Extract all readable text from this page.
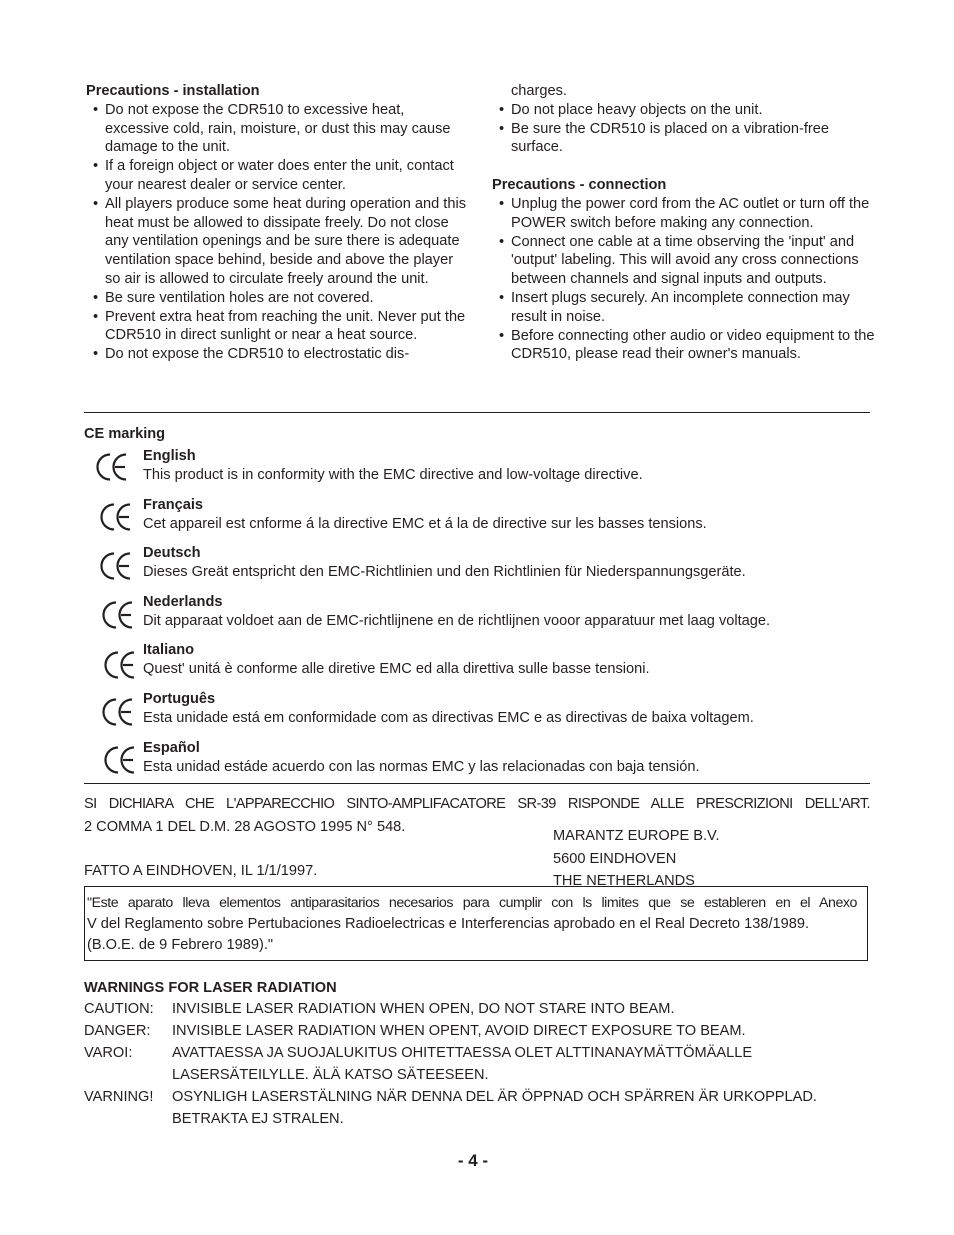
Precautions - installation

• Do not expose the CDR510 to excessive heat, excessive cold, rain, moisture, or dust this may cause damage to the unit.
• If a foreign object or water does enter the unit, contact your nearest dealer or service center.
• All players produce some heat during operation and this heat must be allowed to dissipate freely. Do not close any ventilation openings and be sure there is adequate ventilation space behind, beside and above the player so air is allowed to circulate freely around the unit.
• Be sure ventilation holes are not covered.
• Prevent extra heat from reaching the unit. Never put the CDR510 in direct sunlight or near a heat source.
• Do not expose the CDR510 to electrostatic dis-
charges.
• Do not place heavy objects on the unit.
• Be sure the CDR510 is placed on a vibration-free surface.

Precautions - connection

• Unplug the power cord from the AC outlet or turn off the POWER switch before making any connection.
• Connect one cable at a time observing the 'input' and 'output' labeling. This will avoid any cross connections between channels and signal inputs and outputs.
• Insert plugs securely. An incomplete connection may result in noise.
• Before connecting other audio or video equipment to the CDR510, please read their owner's manuals.
CE marking
English
This product is in conformity with the EMC directive and low-voltage directive.
Français
Cet appareil est cnforme á la directive EMC et á la de directive sur les basses tensions.
Deutsch
Dieses Greät entspricht den EMC-Richtlinien und den Richtlinien für Niederspannungsgeräte.
Nederlands
Dit apparaat voldoet aan de EMC-richtlijnene en de richtlijnen vooor apparatuur met laag voltage.
Italiano
Quest' unitá è conforme alle diretive EMC ed alla direttiva sulle basse tensioni.
Português
Esta unidade está em conformidade com as directivas EMC e as directivas de baixa voltagem.
Español
Esta unidad estáde acuerdo con las normas EMC y las relacionadas con baja tensión.
SI DICHIARA CHE L'APPARECCHIO SINTO-AMPLIFACATORE SR-39 RISPONDE ALLE PRESCRIZIONI DELL'ART.
2 COMMA 1 DEL D.M. 28 AGOSTO 1995 N° 548.
FATTO A EINDHOVEN, IL 1/1/1997.
MARANTZ EUROPE B.V.
5600 EINDHOVEN
THE NETHERLANDS
"Este aparato lleva elementos antiparasitarios necesarios para cumplir con ls limites que se estableren en el Anexo
V del Reglamento sobre Pertubaciones Radioelectricas e Interferencias aprobado en el Real Decreto 138/1989.
(B.O.E. de 9 Febrero 1989)."
WARNINGS FOR LASER RADIATION
CAUTION: INVISIBLE LASER RADIATION WHEN OPEN, DO NOT STARE INTO BEAM.
DANGER: INVISIBLE LASER RADIATION WHEN OPENT, AVOID DIRECT EXPOSURE TO BEAM.
VAROI:	AVATTAESSA JA SUOJALUKITUS OHITETTAESSA OLET ALTTINANAYMÄTTÖMÄALLE LASERSÄTEILYLLE. ÄLÄ KATSO SÄTEESEEN.
VARNING! OSYNLIGH LASERSTÄLNING NÄR DENNA DEL ÄR ÖPPNAD OCH SPÄRREN ÄR URKOPPLAD. BETRAKTA EJ STRALEN.
- 4 -
